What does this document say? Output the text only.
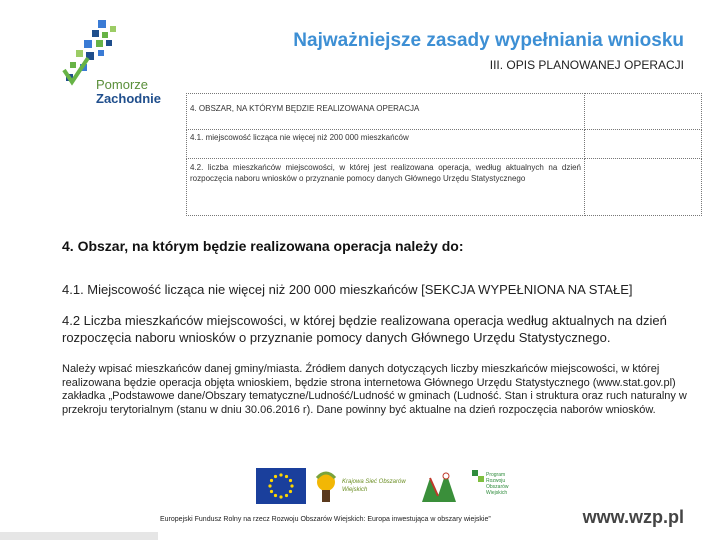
Pomorze
Zachodnie
Najważniejsze zasady wypełniania wniosku
III. OPIS PLANOWANEJ OPERACJI
4. OBSZAR, NA KTÓRYM BĘDZIE REALIZOWANA OPERACJA	
4.1. miejscowość licząca nie więcej niż 200 000 mieszkańców	
4.2. liczba mieszkańców miejscowości, w której jest realizowana operacja, według aktualnych na dzień rozpoczęcia naboru wniosków o przyznanie pomocy danych Głównego Urzędu Statystycznego	
4. Obszar, na którym będzie realizowana operacja należy do:
4.1. Miejscowość licząca nie więcej niż 200 000 mieszkańców [SEKCJA WYPEŁNIONA NA STAŁE]
4.2 Liczba mieszkańców miejscowości, w której będzie realizowana operacja według aktualnych na dzień rozpoczęcia naboru wniosków o przyznanie pomocy danych Głównego Urzędu Statystycznego.
Należy wpisać mieszkańców danej gminy/miasta. Źródłem danych dotyczących liczby mieszkańców miejscowości, w której realizowana będzie operacja objęta wnioskiem, będzie strona internetowa Głównego Urzędu Statystycznego (www.stat.gov.pl) zakładka „Podstawowe dane/Obszary tematyczne/Ludność/Ludność w gminach (Ludność. Stan i struktura oraz ruch naturalny w przekroju terytorialnym (stanu w dniu 30.06.2016 r). Dane powinny być aktualne na dzień rozpoczęcia naborów wniosków.
Krajowa Sieć Obszarów Wiejskich
Program Rozwoju Obszarów Wiejskich
Europejski Fundusz Rolny na rzecz Rozwoju Obszarów Wiejskich: Europa inwestująca w obszary wiejskie”	www.wzp.pl
